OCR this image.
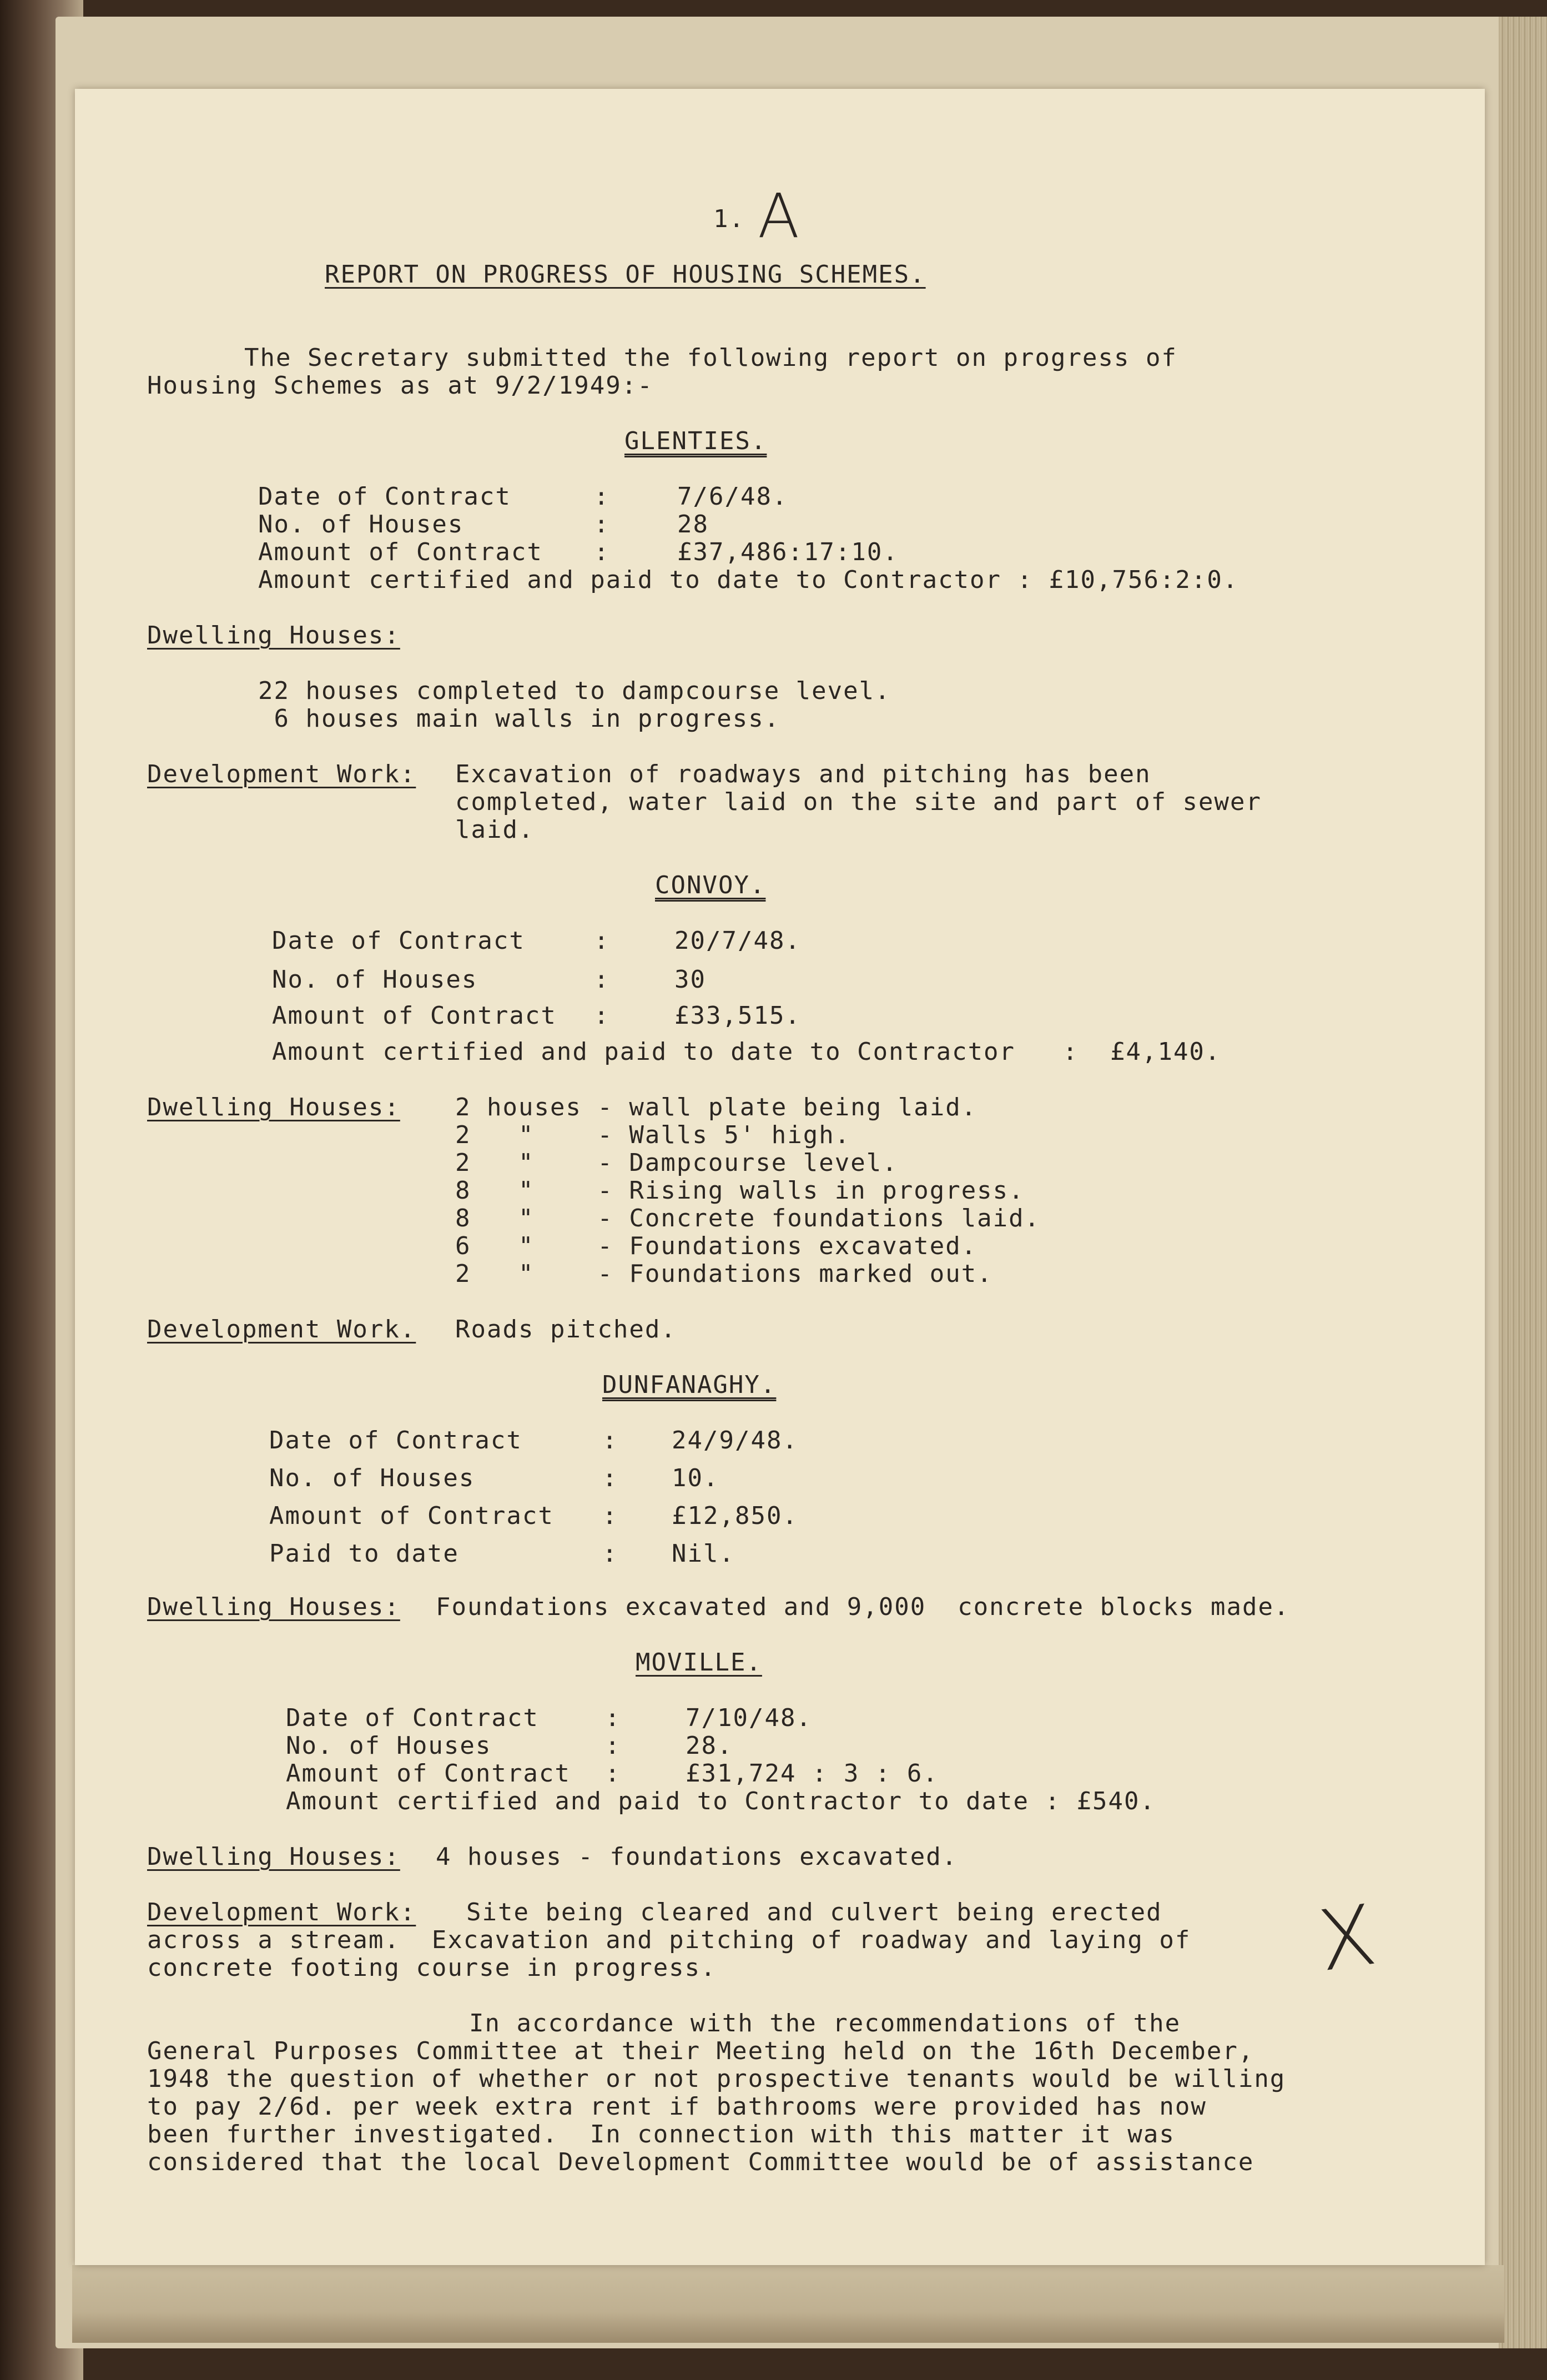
1. A
REPORT ON PROGRESS OF HOUSING SCHEMES.
The Secretary submitted the following report on progress of
Housing Schemes as at 9/2/1949:-
GLENTIES.
Date of Contract	:	7/6/48.
No. of Houses	:	28
Amount of Contract :	£37,486:17:10.
Amount certified and paid to date to Contractor : £10,756:2:0.
Dwelling Houses:
22 houses completed to dampcourse level.
6 houses main walls in progress.
Development Work: Excavation of roadways and pitching has been
completed, water laid on the site and part of sewer
laid.
CONVOY.
Date of Contract	:	20/7/48.
No. of Houses	:	30
Amount of Contract :	£33,515.
Amount certified and paid to date to Contractor   :  £4,140.
Dwelling Houses: 2 houses - wall plate being laid.
2   "    - Walls 5' high.
2   "    - Dampcourse level.
8   "    - Rising walls in progress.
8   "    - Concrete foundations laid.
6   "    - Foundations excavated.
2   "    - Foundations marked out.
Development Work. Roads pitched.
DUNFANAGHY.
Date of Contract	: 24/9/48.
No. of Houses	: 10.
Amount of Contract : £12,850.
Paid to date	: Nil.
Dwelling Houses: Foundations excavated and 9,000  concrete blocks made.
MOVILLE.
Date of Contract	:	7/10/48.
No. of Houses	:	28.
Amount of Contract :	£31,724 : 3 : 6.
Amount certified and paid to Contractor to date : £540.
Dwelling Houses: 4 houses - foundations excavated.
Development Work: Site being cleared and culvert being erected
across a stream.  Excavation and pitching of roadway and laying of
concrete footing course in progress.	X
In accordance with the recommendations of the
General Purposes Committee at their Meeting held on the 16th December,
1948 the question of whether or not prospective tenants would be willing
to pay 2/6d. per week extra rent if bathrooms were provided has now
been further investigated.  In connection with this matter it was
considered that the local Development Committee would be of assistance
